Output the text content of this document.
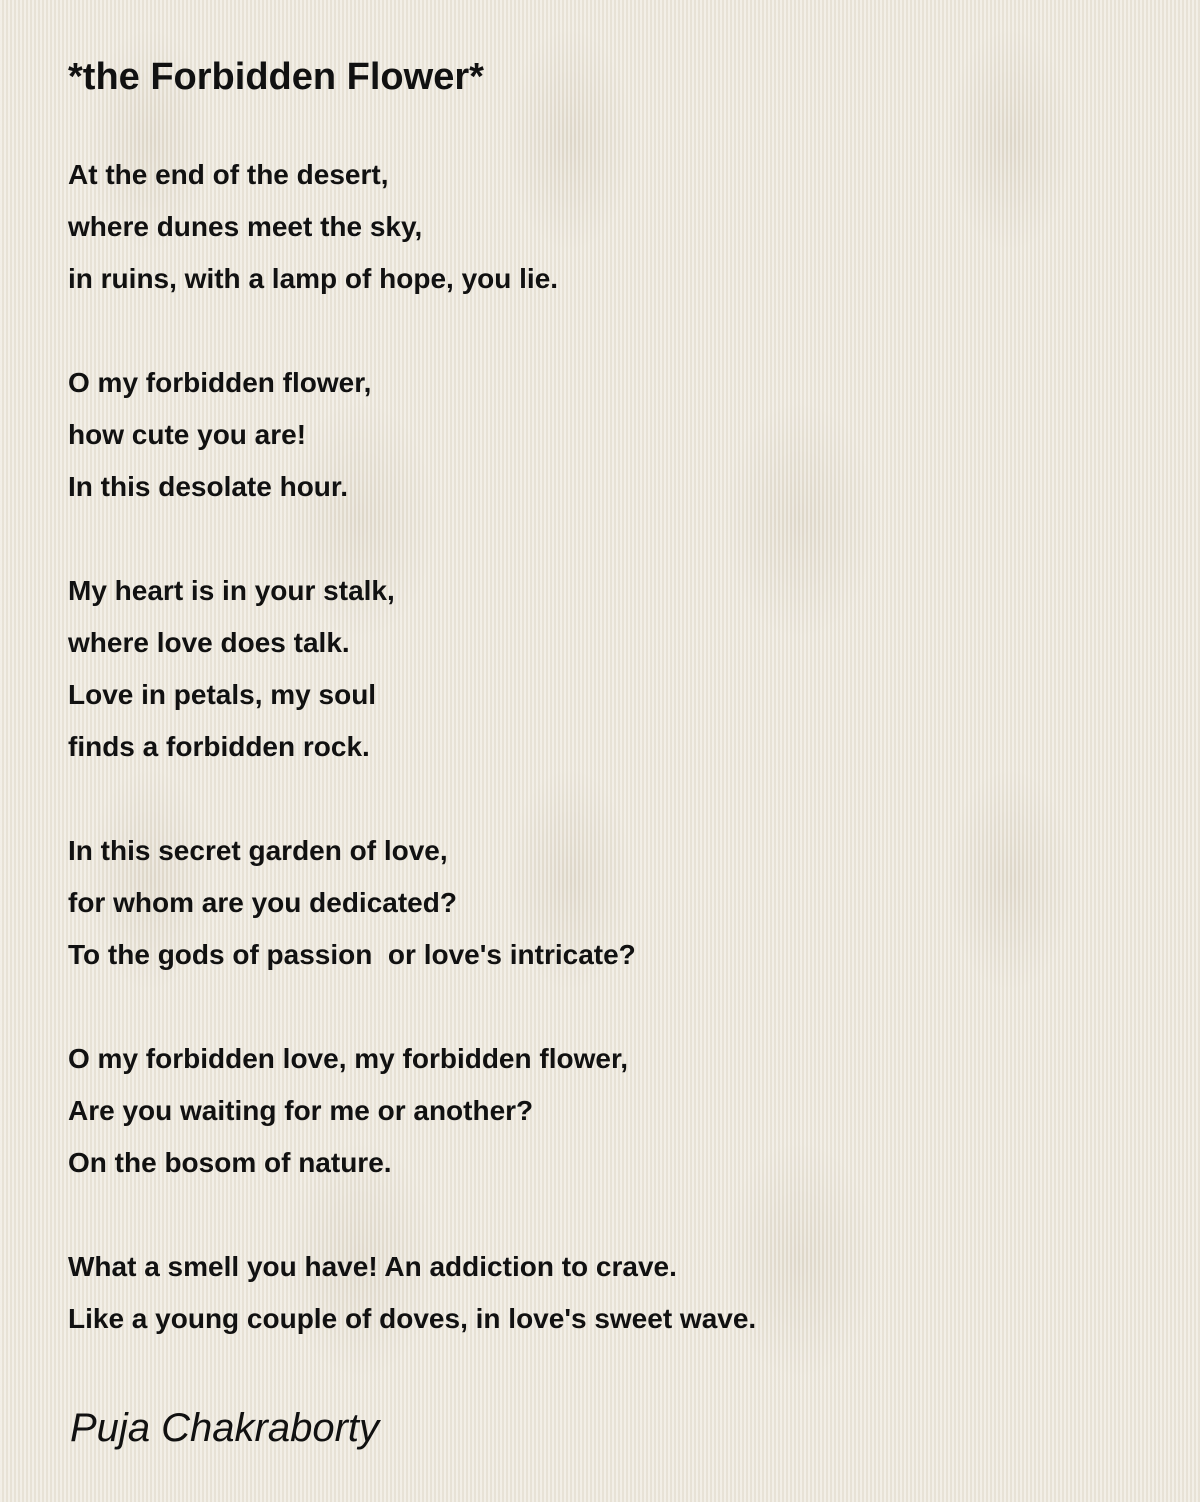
*the Forbidden Flower*
At the end of the desert,
where dunes meet the sky,
in ruins, with a lamp of hope, you lie.
O my forbidden flower,
how cute you are!
In this desolate hour.
My heart is in your stalk,
where love does talk.
Love in petals, my soul
finds a forbidden rock.
In this secret garden of love,
for whom are you dedicated?
To the gods of passion  or love's intricate?
O my forbidden love, my forbidden flower,
Are you waiting for me or another?
On the bosom of nature.
What a smell you have! An addiction to crave.
Like a young couple of doves, in love's sweet wave.

Puja Chakraborty
